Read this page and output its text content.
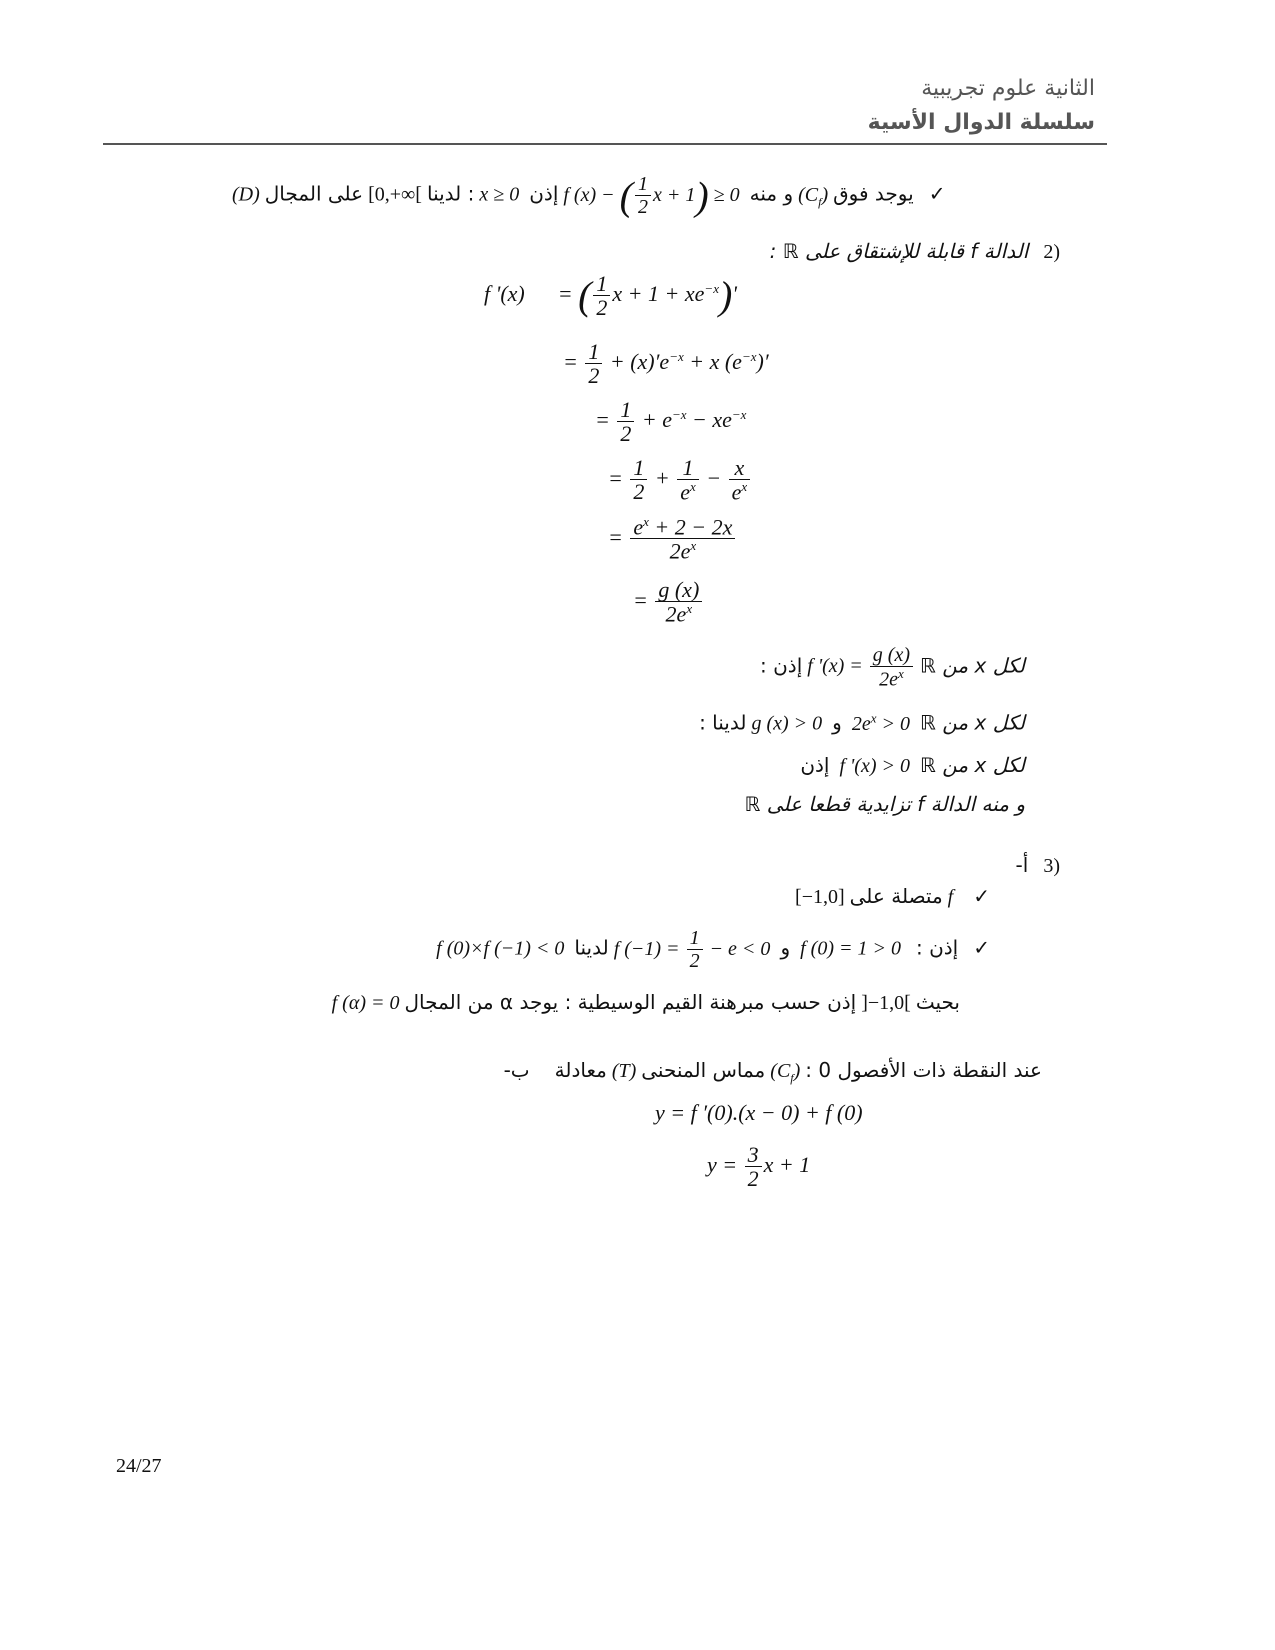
الثانية علوم تجريبية
سلسلة الدوال الأسية
(D)	يوجد فوق $(C_f)$ و منه f (x) − ( $\frac{1}{2}$ x + 1) ≥ 0  إذن  x ≥ 0 : لدينا [0,+∞[ على المجال	✓
الدالة f قابلة للإشتقاق على ℝ : 2)
f '(x)      = ( $\frac{1}{2}$ $x + 1 + xe^{-x})'$
= $\frac{1}{2} + (x)'e^{-x} + x$ $(e^{-x})'$
= $\frac{1}{2} + e^{-x} - xe^{-x}$
= $\frac{1}{2} + \frac{1}{e^x} - \frac{x}{e^x}$
= $\frac{e^x + 2 - 2x}{2e^x}$
= $\frac{g (x)}{2e^x}$
لكل x من ℝ f '$(x) = \frac{g (x)}{2e^x}$
إذن :
لكل x من ℝ  $2e^x > 0$  و  g (x) > 0 لدينا :
لكل x من ℝ  f '(x) > 0  إذن
و منه الدالة f تزايدية قطعا على ℝ
أ- 3)
[−1,0] متصلة على f ✓
f (0)×f (−1) < 0	إذن :   f (0) = 1 > 0  و  f $(-1) = \frac{1}{2} - e < 0$ لدينا	✓
f (α) = 0	بحيث ]−1,0[ إذن حسب مبرهنة القيم الوسيطية : يوجد α من المجال
عند النقطة ذات الأفصول 0 : $(C_f)$ مماس المنحنى (T) معادلة     ب-
y = f ′(0).(x − 0) + f (0)
$y = \frac{3}{2}$ x + 1
24/27
